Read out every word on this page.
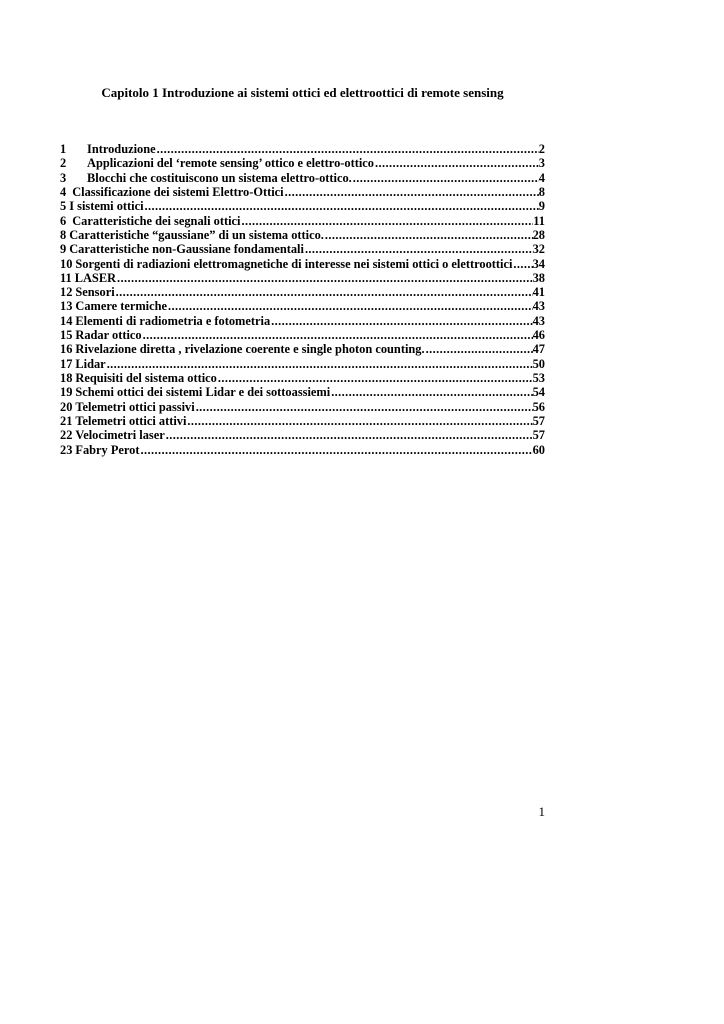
Capitolo 1 Introduzione ai sistemi ottici ed elettroottici di remote sensing

1	Introduzione .....	2
2	Applicazioni del ‘remote sensing’ ottico e elettro-ottico .....	3
3	Blocchi che costituiscono un sistema elettro-ottico. .....	4
4 Classificazione dei sistemi Elettro-Ottici .....	8
5 I sistemi ottici .....	9
6 Caratteristiche dei segnali ottici .....	11
8 Caratteristiche “gaussiane” di un sistema ottico. .....	28
9 Caratteristiche non-Gaussiane fondamentali .....	32
10 Sorgenti di radiazioni elettromagnetiche di interesse nei sistemi ottici o elettroottici ..... 34
11 LASER .....	38
12 Sensori .....	41
13 Camere termiche .....	43
14 Elementi di radiometria e fotometria .....	43
15 Radar ottico .....	46
16 Rivelazione diretta , rivelazione coerente e single photon counting. .....	47
17 Lidar .....	50
18 Requisiti del sistema ottico .....	53
19 Schemi ottici dei sistemi Lidar e dei sottoassiemi .....	54
20 Telemetri ottici passivi .....	56
21 Telemetri ottici attivi .....	57
22 Velocimetri laser .....	57
23 Fabry Perot .....	60
1
